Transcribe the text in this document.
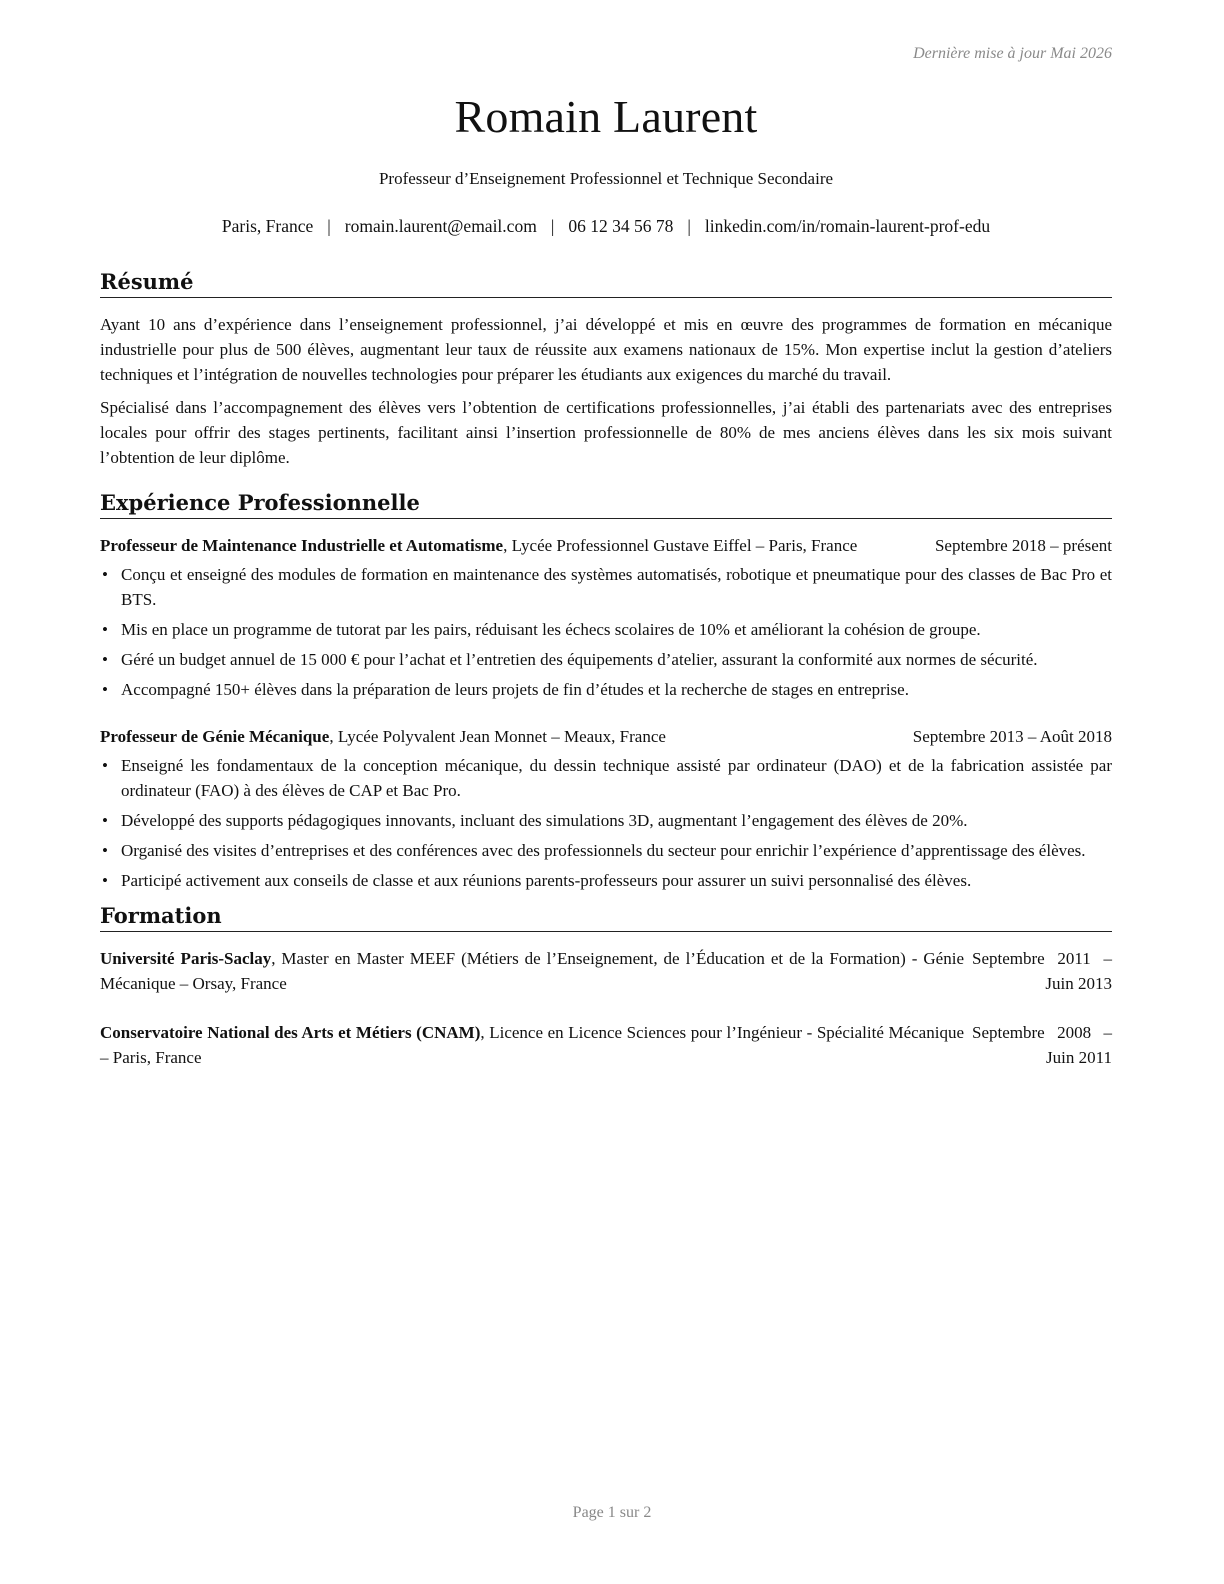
Dernière mise à jour Mai 2026
Romain Laurent
Professeur d’Enseignement Professionnel et Technique Secondaire
Paris, France | romain.laurent@email.com | 06 12 34 56 78 | linkedin.com/in/romain-laurent-prof-edu
Résumé

Ayant 10 ans d’expérience dans l’enseignement professionnel, j’ai développé et mis en œuvre des programmes de formation en mécanique industrielle pour plus de 500 élèves, augmentant leur taux de réussite aux examens nationaux de 15%. Mon expertise inclut la gestion d’ateliers techniques et l’intégration de nouvelles technologies pour préparer les étudiants aux exigences du marché du travail.

Spécialisé dans l’accompagnement des élèves vers l’obtention de certifications professionnelles, j’ai établi des partenariats avec des entreprises locales pour offrir des stages pertinents, facilitant ainsi l’insertion professionnelle de 80% de mes anciens élèves dans les six mois suivant l’obtention de leur diplôme.

Expérience Professionnelle
Professeur de Maintenance Industrielle et Automatisme, Lycée Professionnel Gustave Eiffel – Paris, France	Septembre 2018 – présent
• Conçu et enseigné des modules de formation en maintenance des systèmes automatisés, robotique et pneumatique pour des classes de Bac Pro et BTS.
• Mis en place un programme de tutorat par les pairs, réduisant les échecs scolaires de 10% et améliorant la cohésion de groupe.
• Géré un budget annuel de 15 000 € pour l’achat et l’entretien des équipements d’atelier, assurant la conformité aux normes de sécurité.
• Accompagné 150+ élèves dans la préparation de leurs projets de fin d’études et la recherche de stages en entreprise.
Professeur de Génie Mécanique, Lycée Polyvalent Jean Monnet – Meaux, France	Septembre 2013 – Août 2018
• Enseigné les fondamentaux de la conception mécanique, du dessin technique assisté par ordinateur (DAO) et de la fabrication assistée par ordinateur (FAO) à des élèves de CAP et Bac Pro.
• Développé des supports pédagogiques innovants, incluant des simulations 3D, augmentant l’engagement des élèves de 20%.
• Organisé des visites d’entreprises et des conférences avec des professionnels du secteur pour enrichir l’expérience d’apprentissage des élèves.
• Participé activement aux conseils de classe et aux réunions parents-professeurs pour assurer un suivi personnalisé des élèves.
Formation
Université Paris-Saclay, Master en Master MEEF (Métiers de l’Enseignement, de l’Éducation et de la Formation) - Génie Mécanique – Orsay, France
Septembre 2011 – Juin 2013
Conservatoire National des Arts et Métiers (CNAM), Licence en Licence Sciences pour l’Ingénieur - Spécialité Mécanique – Paris, France
Septembre 2008 – Juin 2011
Page 1 sur 2
